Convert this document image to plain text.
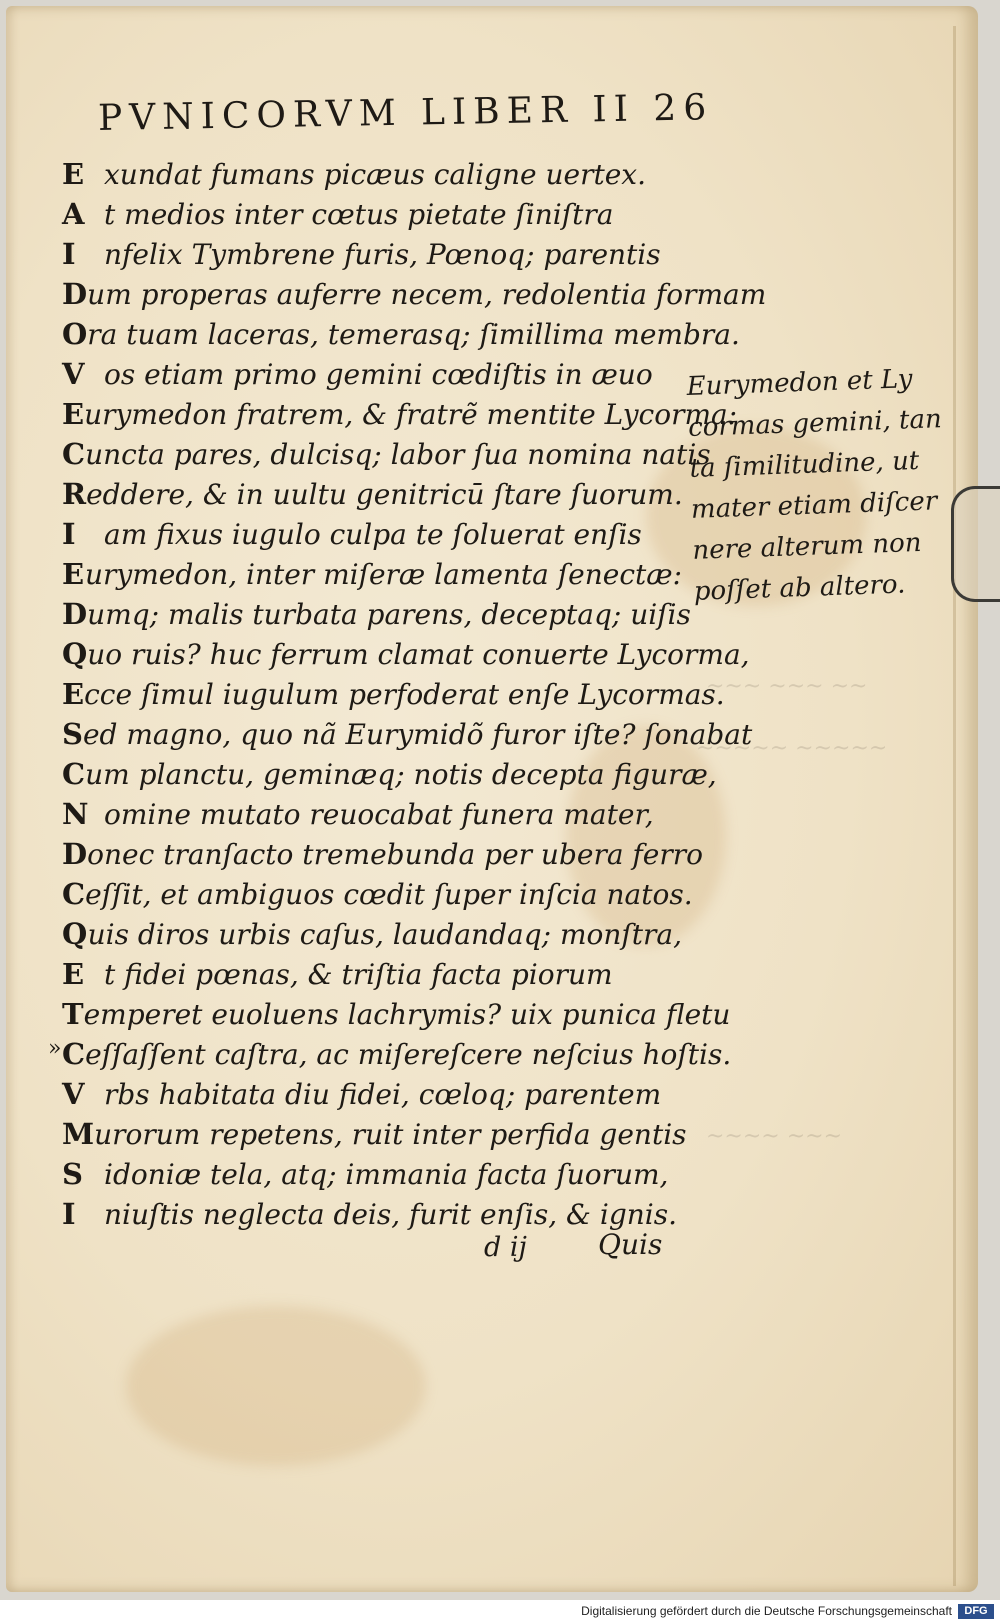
~~~ ~~~ ~~
~~~~~ ~~~~~
~~~~ ~~~
PVNICORVM LIBER II 26
E xundat fumans picæus caligne uertex.
A t medios inter cœtus pietate ſiniſtra
I	nfelix Tymbrene furis, Pœnoq; parentis
D um properas auferre necem, redolentia formam
O ra tuam laceras, temerasq; ſimillima membra.
V os etiam primo gemini cœdiſtis in æuo
E urymedon fratrem, & fratrẽ mentite Lycorma:
C uncta pares, dulcisq; labor ſua nomina natis
R eddere, & in uultu genitricū ſtare ſuorum.
I	am fixus iugulo culpa te ſoluerat enſis
E urymedon, inter miſeræ lamenta ſenectæ:
D umq; malis turbata parens, deceptaq; uiſis
Q uo ruis? huc ferrum clamat conuerte Lycorma,
E cce ſimul iugulum perfoderat enſe Lycormas.
S ed magno, quo nã Eurymidõ furor iſte? ſonabat
C um planctu, geminæq; notis decepta figuræ,
N omine mutato reuocabat funera mater,
D onec tranſacto tremebunda per ubera ferro
C eſſit, et ambiguos cœdit ſuper inſcia natos.
Q uis diros urbis caſus, laudandaq; monſtra,
E t fidei pœnas, & triſtia facta piorum
T emperet euoluens lachrymis? uix punica fletu
C eſſaſſent caſtra, ac miſereſcere neſcius hoſtis.
V rbs habitata diu fidei, cœloq; parentem
M urorum repetens, ruit inter perfida gentis
S idoniæ tela, atq; immania facta ſuorum,
I	niuſtis neglecta deis, furit enſis, & ignis.
»
Eurymedon et Ly
cormas gemini, tan
ta ſimilitudine, ut
mater etiam diſcer
nere alterum non
poſſet ab altero.
d ij	Quis
Digitalisierung gefördert durch die Deutsche Forschungsgemeinschaft	DFG
